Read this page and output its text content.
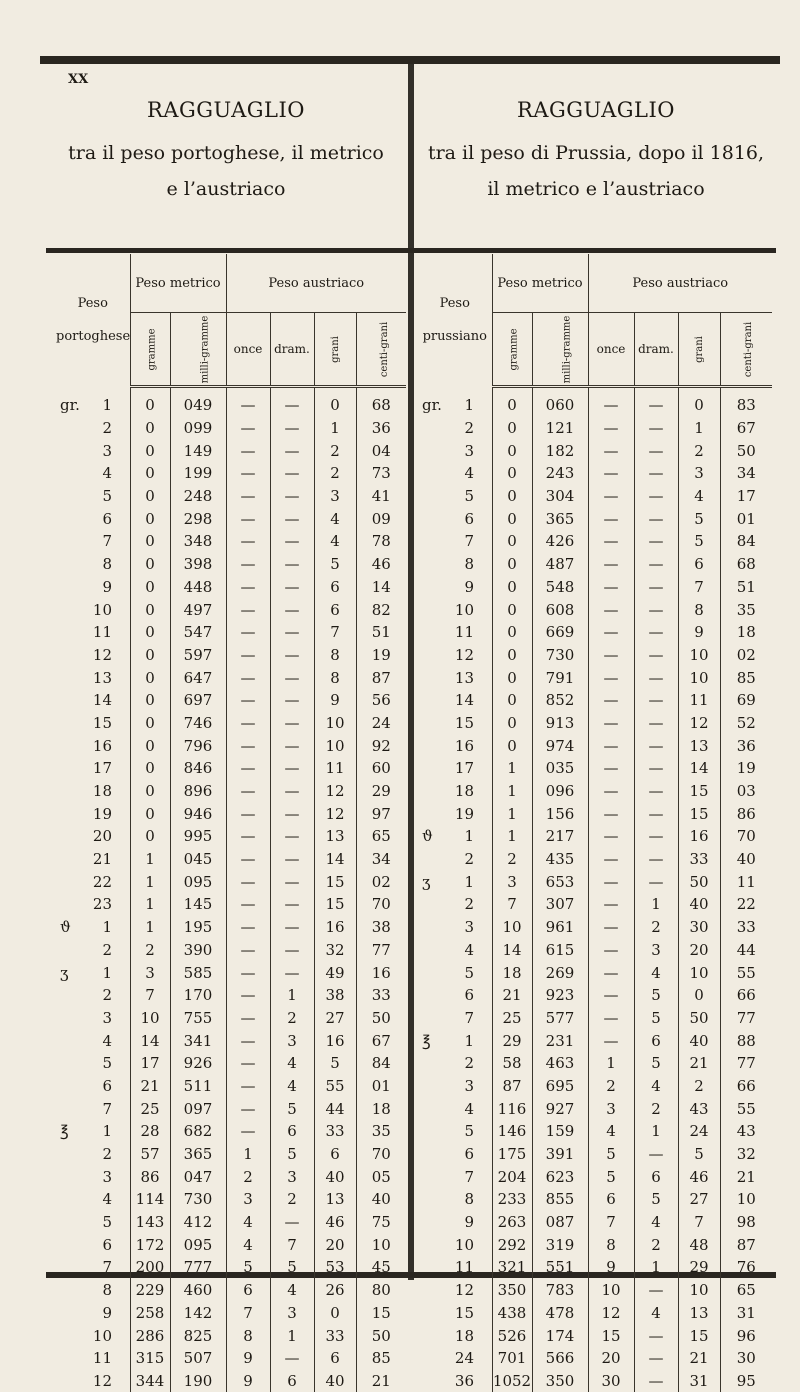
XX
RAGGUAGLIO
tra il peso portoghese, il metrico
e l’austriaco
RAGGUAGLIO
tra il peso di Prussia, dopo il 1816,
il metrico e l’austriaco
Peso
portoghese	Peso metrico		Peso austriaco			
	gramme	milli-gramme	once	dram.	grani	centi-grani
gr. 1	0	049	—	—	0	68
2	0	099	—	—	1	36
3	0	149	—	—	2	04
4	0	199	—	—	2	73
5	0	248	—	—	3	41
6	0	298	—	—	4	09
7	0	348	—	—	4	78
8	0	398	—	—	5	46
9	0	448	—	—	6	14
10	0	497	—	—	6	82
11	0	547	—	—	7	51
12	0	597	—	—	8	19
13	0	647	—	—	8	87
14	0	697	—	—	9	56
15	0	746	—	—	10	24
16	0	796	—	—	10	92
17	0	846	—	—	11	60
18	0	896	—	—	12	29
19	0	946	—	—	12	97
20	0	995	—	—	13	65
21	1	045	—	—	14	34
22	1	095	—	—	15	02
23	1	145	—	—	15	70
ϑ 1	1	195	—	—	16	38
2	2	390	—	—	32	77
ʒ 1	3	585	—	—	49	16
2	7	170	—	1	38	33
3	10	755	—	2	27	50
4	14	341	—	3	16	67
5	17	926	—	4	5	84
6	21	511	—	4	55	01
7	25	097	—	5	44	18
℥ 1	28	682	—	6	33	35
2	57	365	1	5	6	70
3	86	047	2	3	40	05
4	114	730	3	2	13	40
5	143	412	4	—	46	75
6	172	095	4	7	20	10
7	200	777	5	5	53	45
8	229	460	6	4	26	80
9	258	142	7	3	0	15
10	286	825	8	1	33	50
11	315	507	9	—	6	85
12	344	190	9	6	40	21
Peso
prussiano	Peso metrico		Peso austriaco			
	gramme	milli-gramme	once	dram.	grani	centi-grani
gr. 1	0	060	—	—	0	83
2	0	121	—	—	1	67
3	0	182	—	—	2	50
4	0	243	—	—	3	34
5	0	304	—	—	4	17
6	0	365	—	—	5	01
7	0	426	—	—	5	84
8	0	487	—	—	6	68
9	0	548	—	—	7	51
10	0	608	—	—	8	35
11	0	669	—	—	9	18
12	0	730	—	—	10	02
13	0	791	—	—	10	85
14	0	852	—	—	11	69
15	0	913	—	—	12	52
16	0	974	—	—	13	36
17	1	035	—	—	14	19
18	1	096	—	—	15	03
19	1	156	—	—	15	86
ϑ 1	1	217	—	—	16	70
2	2	435	—	—	33	40
ʒ 1	3	653	—	—	50	11
2	7	307	—	1	40	22
3	10	961	—	2	30	33
4	14	615	—	3	20	44
5	18	269	—	4	10	55
6	21	923	—	5	0	66
7	25	577	—	5	50	77
℥ 1	29	231	—	6	40	88
2	58	463	1	5	21	77
3	87	695	2	4	2	66
4	116	927	3	2	43	55
5	146	159	4	1	24	43
6	175	391	5	—	5	32
7	204	623	5	6	46	21
8	233	855	6	5	27	10
9	263	087	7	4	7	98
10	292	319	8	2	48	87
11	321	551	9	1	29	76
12	350	783	10	—	10	65
15	438	478	12	4	13	31
18	526	174	15	—	15	96
24	701	566	20	—	21	30
36	1052	350	30	—	31	95
